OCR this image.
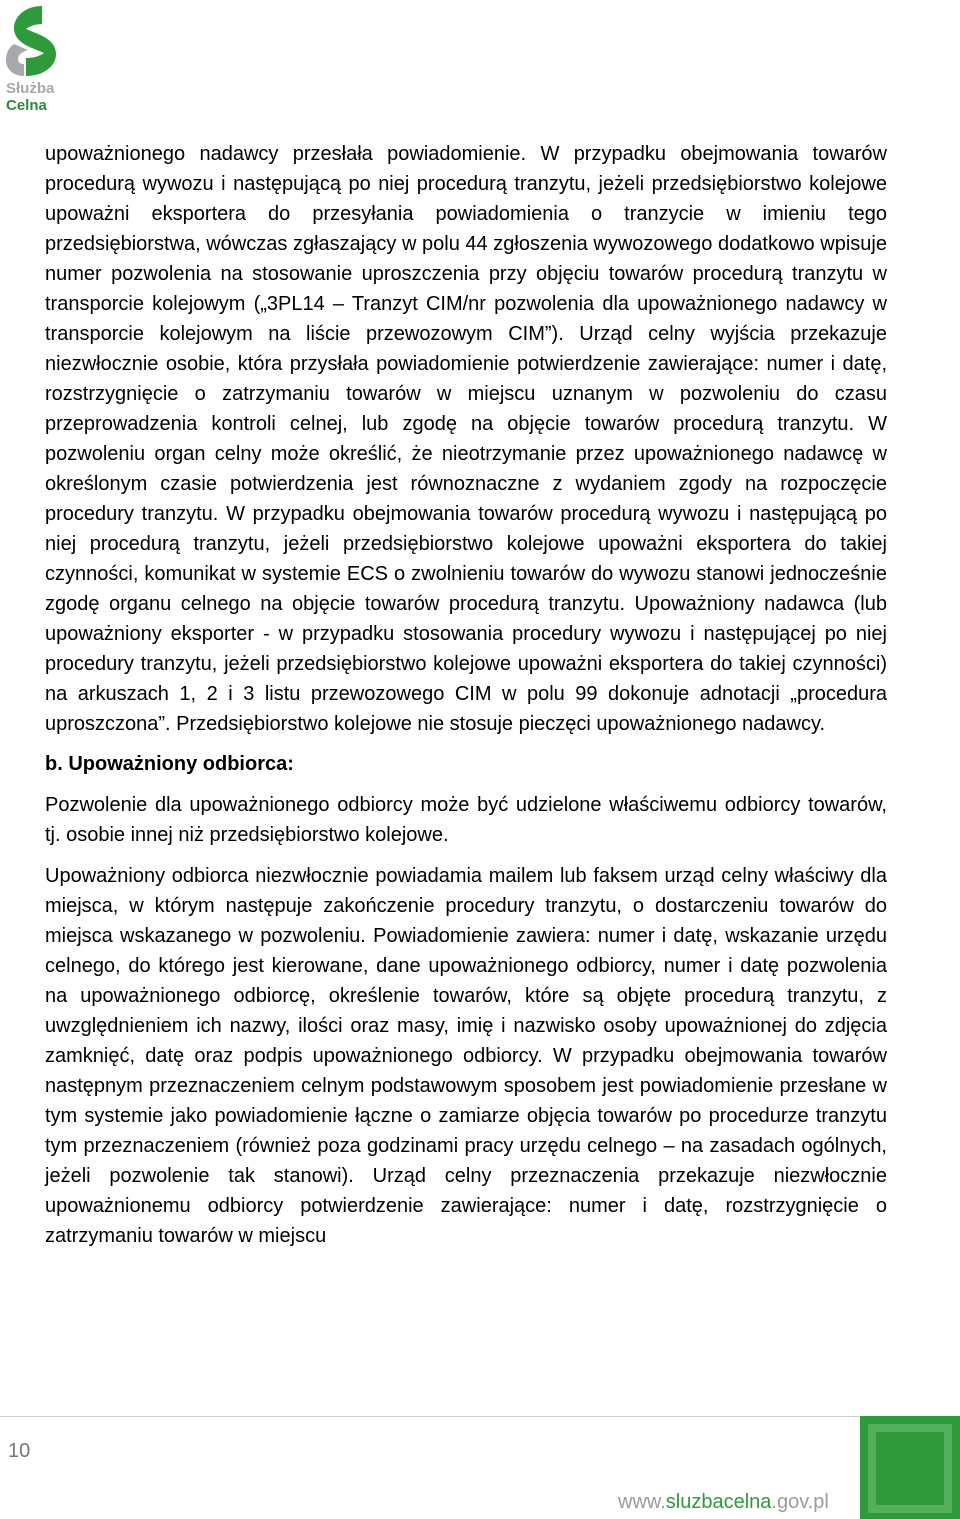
Służba
Celna

upoważnionego nadawcy przesłała powiadomienie. W przypadku obejmowania towarów procedurą wywozu i następującą po niej procedurą tranzytu, jeżeli przedsiębiorstwo kolejowe upoważni eksportera do przesyłania powiadomienia o tranzycie w imieniu tego przedsiębiorstwa, wówczas zgłaszający w polu 44 zgłoszenia wywozowego dodatkowo wpisuje numer pozwolenia na stosowanie uproszczenia przy objęciu towarów procedurą tranzytu w transporcie kolejowym („3PL14 – Tranzyt CIM/nr pozwolenia dla upoważnionego nadawcy w transporcie kolejowym na liście przewozowym CIM”). Urząd celny wyjścia przekazuje niezwłocznie osobie, która przysłała powiadomienie potwierdzenie zawierające: numer i datę, rozstrzygnięcie o zatrzymaniu towarów w miejscu uznanym w pozwoleniu do czasu przeprowadzenia kontroli celnej, lub zgodę na objęcie towarów procedurą tranzytu. W pozwoleniu organ celny może określić, że nieotrzymanie przez upoważnionego nadawcę w określonym czasie potwierdzenia jest równoznaczne z wydaniem zgody na rozpoczęcie procedury tranzytu. W przypadku obejmowania towarów procedurą wywozu i następującą po niej procedurą tranzytu, jeżeli przedsiębiorstwo kolejowe upoważni eksportera do takiej czynności, komunikat w systemie ECS o zwolnieniu towarów do wywozu stanowi jednocześnie zgodę organu celnego na objęcie towarów procedurą tranzytu. Upoważniony nadawca (lub upoważniony eksporter - w przypadku stosowania procedury wywozu i następującej po niej procedury tranzytu, jeżeli przedsiębiorstwo kolejowe upoważni eksportera do takiej czynności) na arkuszach 1, 2 i 3 listu przewozowego CIM w polu 99 dokonuje adnotacji „procedura uproszczona”. Przedsiębiorstwo kolejowe nie stosuje pieczęci upoważnionego nadawcy.

b. Upoważniony odbiorca:

Pozwolenie dla upoważnionego odbiorcy może być udzielone właściwemu odbiorcy towarów, tj. osobie innej niż przedsiębiorstwo kolejowe.

Upoważniony odbiorca niezwłocznie powiadamia mailem lub faksem urząd celny właściwy dla miejsca, w którym następuje zakończenie procedury tranzytu, o dostarczeniu towarów do miejsca wskazanego w pozwoleniu. Powiadomienie zawiera: numer i datę, wskazanie urzędu celnego, do którego jest kierowane, dane upoważnionego odbiorcy, numer i datę pozwolenia na upoważnionego odbiorcę, określenie towarów, które są objęte procedurą tranzytu, z uwzględnieniem ich nazwy, ilości oraz masy, imię i nazwisko osoby upoważnionej do zdjęcia zamknięć, datę oraz podpis upoważnionego odbiorcy. W przypadku obejmowania towarów następnym przeznaczeniem celnym podstawowym sposobem jest powiadomienie przesłane w tym systemie jako powiadomienie łączne o zamiarze objęcia towarów po procedurze tranzytu tym przeznaczeniem (również poza godzinami pracy urzędu celnego – na zasadach ogólnych, jeżeli pozwolenie tak stanowi). Urząd celny przeznaczenia przekazuje niezwłocznie upoważnionemu odbiorcy potwierdzenie zawierające: numer i datę, rozstrzygnięcie o zatrzymaniu towarów w miejscu

10
www.sluzbacelna.gov.pl
